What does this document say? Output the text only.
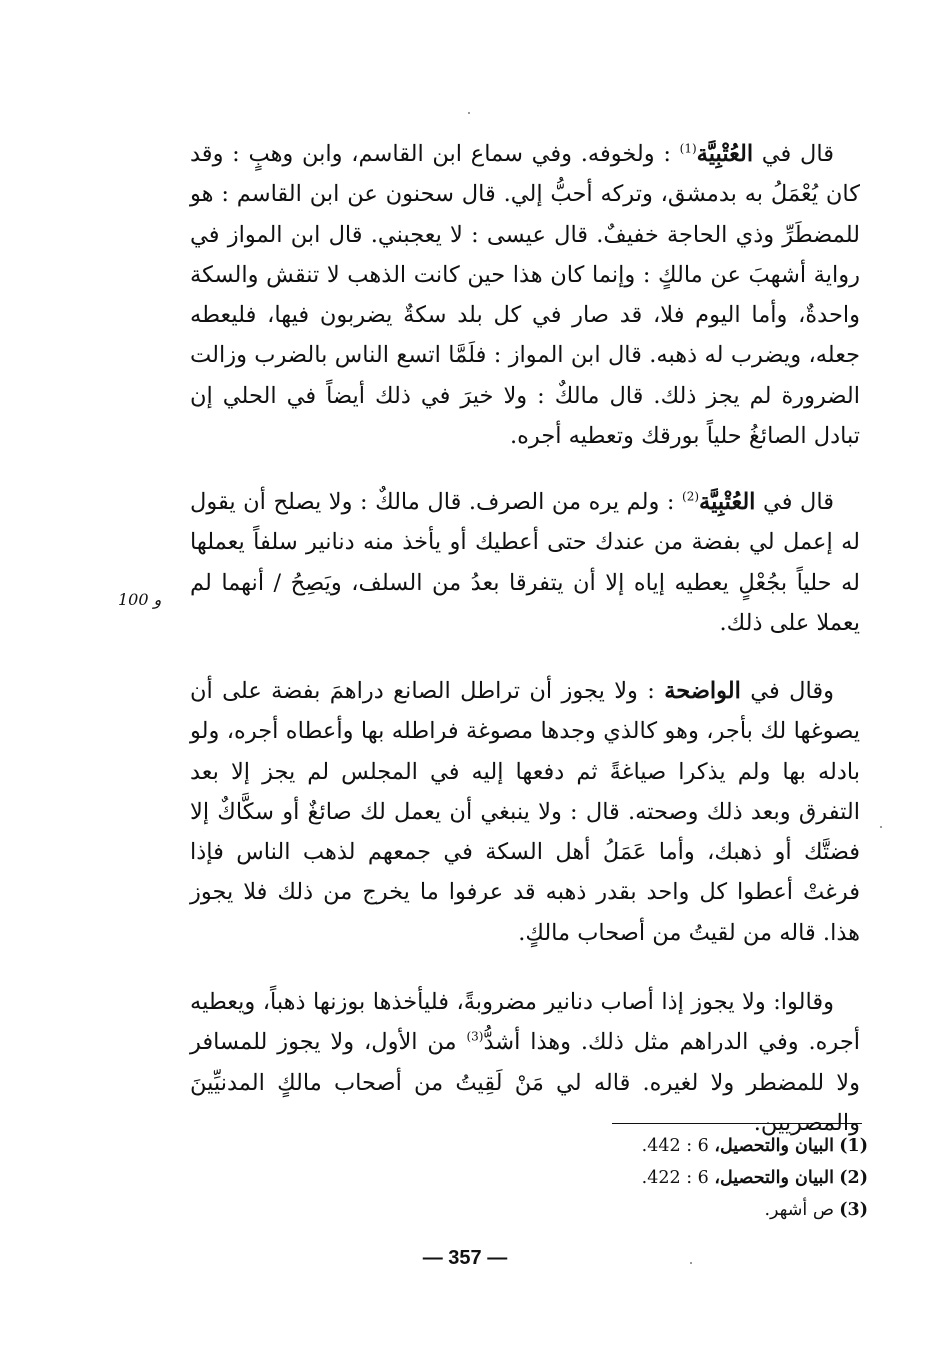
قال في العُتْبِيَّة$^{(1)}$ : ولخوفه. وفي سماع ابن القاسم، وابن وهبٍ : وقد كان يُعْمَلُ به بدمشق، وتركه أحبُّ إلي. قال سحنون عن ابن القاسم : هو للمضطَرِّ وذي الحاجة خفيفٌ. قال عيسى : لا يعجبني. قال ابن المواز في رواية أشهبَ عن مالكٍ : وإنما كان هذا حين كانت الذهب لا تنقش والسكة واحدةٌ، وأما اليوم فلا، قد صار في كل بلد سكةٌ يضربون فيها، فليعطه جعله، ويضرب له ذهبه. قال ابن المواز : فلَمَّا اتسع الناس بالضرب وزالت الضرورة لم يجز ذلك. قال مالكٌ : ولا خيرَ في ذلك أيضاً في الحلي إن تبادل الصائغُ حلياً بورقك وتعطيه أجره.

قال في العُتْبِيَّة$^{(2)}$ : ولم يره من الصرف. قال مالكٌ : ولا يصلح أن يقول له إعمل لي بفضة من عندك حتى أعطيك أو يأخذ منه دنانير سلفاً يعملها له حلياً بجُعْلٍ يعطيه إياه إلا أن يتفرقا بعدُ من السلف، ويَصِحُ / أنهما لم يعملا على ذلك.

100 و

وقال في الواضحة : ولا يجوز أن تراطل الصانع دراهمَ بفضة على أن يصوغها لك بأجر، وهو كالذي وجدها مصوغة فراطله بها وأعطاه أجره، ولو بادله بها ولم يذكرا صياغةً ثم دفعها إليه في المجلس لم يجز إلا بعد التفرق وبعد ذلك وصحته. قال : ولا ينبغي أن يعمل لك صائغٌ أو سكَّاكٌ إلا فضتَّك أو ذهبك، وأما عَمَلُ أهل السكة في جمعهم لذهب الناس فإذا فرغتْ أعطوا كل واحد بقدر ذهبه قد عرفوا ما يخرج من ذلك فلا يجوز هذا. قاله من لقيتُ من أصحاب مالكٍ.

وقالوا: ولا يجوز إذا أصاب دنانير مضروبةً، فليأخذها بوزنها ذهباً، ويعطيه أجره. وفي الدراهم مثل ذلك. وهذا أشدُّ$^{(3)}$ من الأول، ولا يجوز للمسافر ولا للمضطر ولا لغيره. قاله لي مَنْ لَقِيتُ من أصحاب مالكٍ المدنيِّينَ والمصريين.

(1)
البيان والتحصيل، 6 : 442.
(2)
البيان والتحصيل، 6 : 422.
(3)
ص أشهر.
— 357 —
